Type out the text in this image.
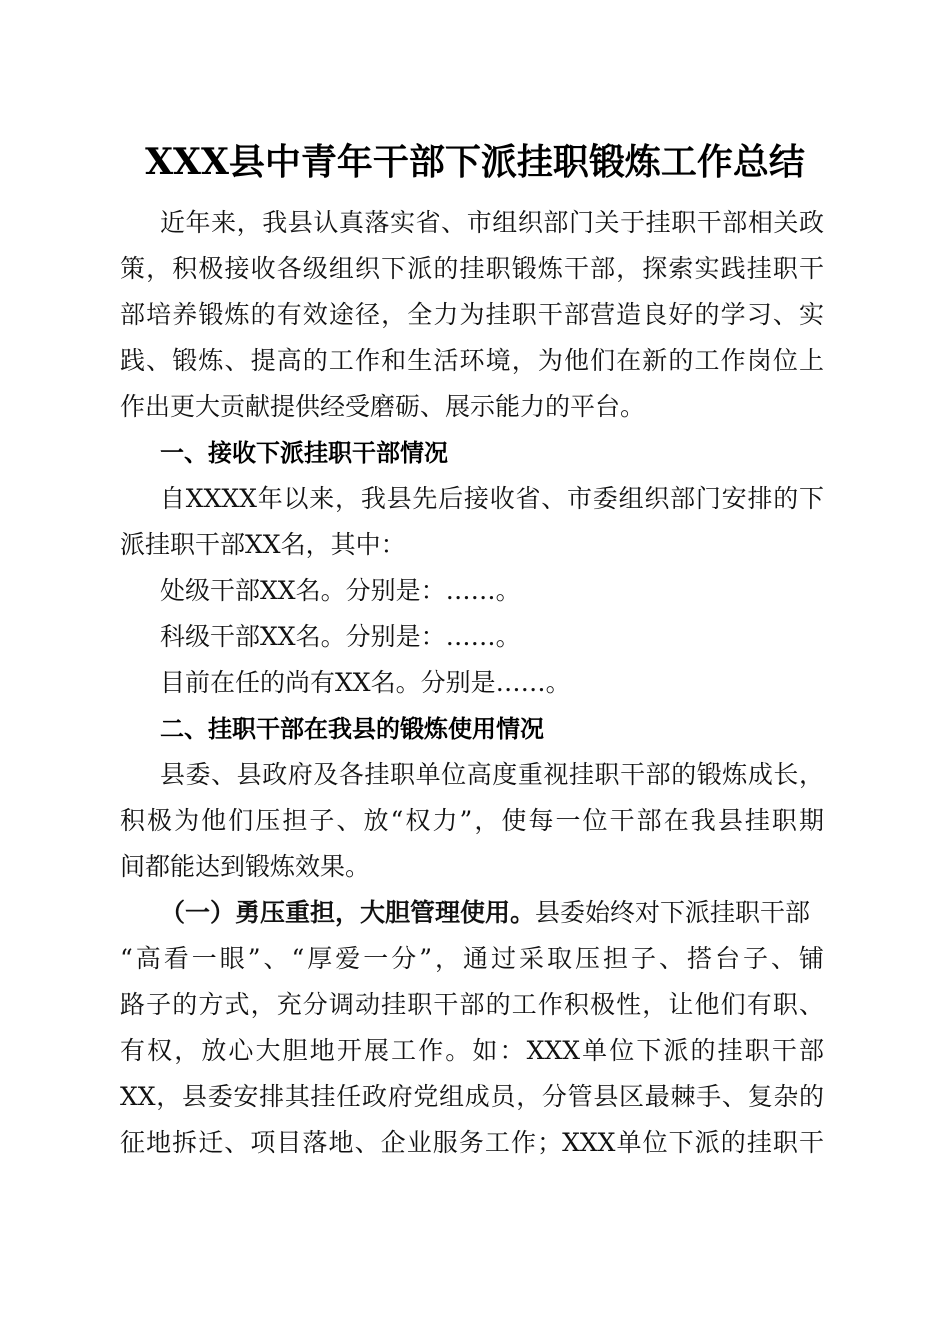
XXX县中青年干部下派挂职锻炼工作总结
近年来，我县认真落实省、市组织部门关于挂职干部相关政
策，积极接收各级组织下派的挂职锻炼干部，探索实践挂职干
部培养锻炼的有效途径，全力为挂职干部营造良好的学习、实
践、锻炼、提高的工作和生活环境，为他们在新的工作岗位上
作出更大贡献提供经受磨砺、展示能力的平台。
一、接收下派挂职干部情况
自XXXX年以来，我县先后接收省、市委组织部门安排的下
派挂职干部XX名，其中：
处级干部XX名。分别是：……。
科级干部XX名。分别是：……。
目前在任的尚有XX名。分别是……。
二、挂职干部在我县的锻炼使用情况
县委、县政府及各挂职单位高度重视挂职干部的锻炼成长，
积极为他们压担子、放“权力”，使每一位干部在我县挂职期
间都能达到锻炼效果。
（一）勇压重担，大胆管理使用。县委始终对下派挂职干部
“高看一眼”、“厚爱一分”，通过采取压担子、搭台子、铺
路子的方式，充分调动挂职干部的工作积极性，让他们有职、
有权，放心大胆地开展工作。如：XXX单位下派的挂职干部
XX，县委安排其挂任政府党组成员，分管县区最棘手、复杂的
征地拆迁、项目落地、企业服务工作；XXX单位下派的挂职干
